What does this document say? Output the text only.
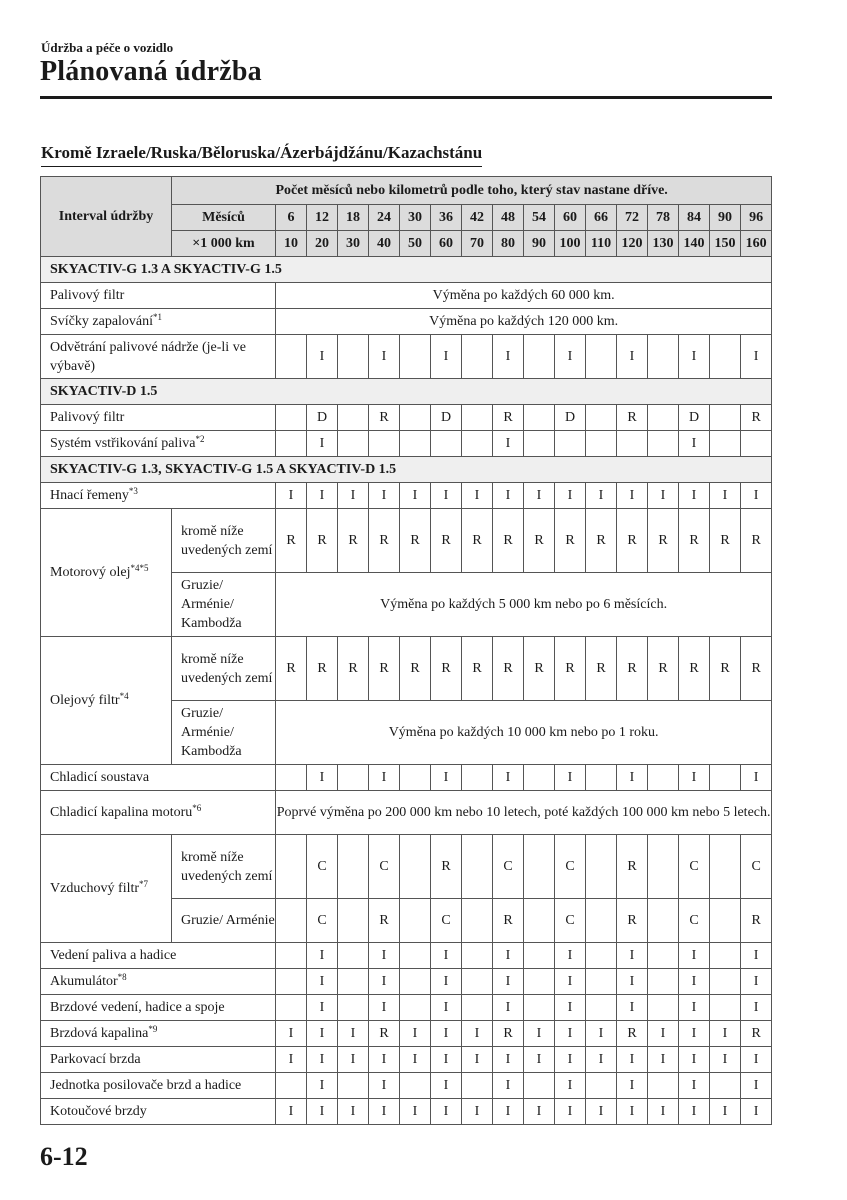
Údržba a péče o vozidlo
Plánovaná údržba
Kromě Izraele/Ruska/Běloruska/Ázerbájdžánu/Kazachstánu
Interval údržby	Počet měsíců nebo kilometrů podle toho, který stav nastane dříve.																
	Měsíců	6	12	18	24	30	36	42	48	54	60	66	72	78	84	90	96
	×1 000 km	10	20	30	40	50	60	70	80	90	100	110	120	130	140	150	160
SKYACTIV-G 1.3 A SKYACTIV-G 1.5																	
Palivový filtr		Výměna po každých 60 000 km.															
Svíčky zapalování$^{*1}$		Výměna po každých 120 000 km.															
Odvětrání palivové nádrže (je-li ve výbavě)			I		I		I		I		I		I		I		I
SKYACTIV-D 1.5																	
Palivový filtr			D		R		D		R		D		R		D		R
Systém vstřikování paliva$^{*2}$			I						I						I		
SKYACTIV-G 1.3, SKYACTIV-G 1.5 A SKYACTIV-D 1.5																	
Hnací řemeny$^{*3}$		I	I	I	I	I	I	I	I	I	I	I	I	I	I	I	I
Motorový olej$^{*4*5}$	kromě níže uvedených zemí	R	R	R	R	R	R	R	R	R	R	R	R	R	R	R	R
	Gruzie/ Arménie/ Kambodža	Výměna po každých 5 000 km nebo po 6 měsících.															
Olejový filtr$^{*4}$	kromě níže uvedených zemí	R	R	R	R	R	R	R	R	R	R	R	R	R	R	R	R
	Gruzie/ Arménie/ Kambodža	Výměna po každých 10 000 km nebo po 1 roku.															
Chladicí soustava			I		I		I		I		I		I		I		I
Chladicí kapalina motoru$^{*6}$		Poprvé výměna po 200 000 km nebo 10 letech, poté každých 100 000 km nebo 5 letech.															
Vzduchový filtr$^{*7}$	kromě níže uvedených zemí		C		C		R		C		C		R		C		C
	Gruzie/ Arménie		C		R		C		R		C		R		C		R
Vedení paliva a hadice			I		I		I		I		I		I		I		I
Akumulátor$^{*8}$			I		I		I		I		I		I		I		I
Brzdové vedení, hadice a spoje			I		I		I		I		I		I		I		I
Brzdová kapalina$^{*9}$		I	I	I	R	I	I	I	R	I	I	I	R	I	I	I	R
Parkovací brzda		I	I	I	I	I	I	I	I	I	I	I	I	I	I	I	I
Jednotka posilovače brzd a hadice			I		I		I		I		I		I		I		I
Kotoučové brzdy		I	I	I	I	I	I	I	I	I	I	I	I	I	I	I	I
6-12
